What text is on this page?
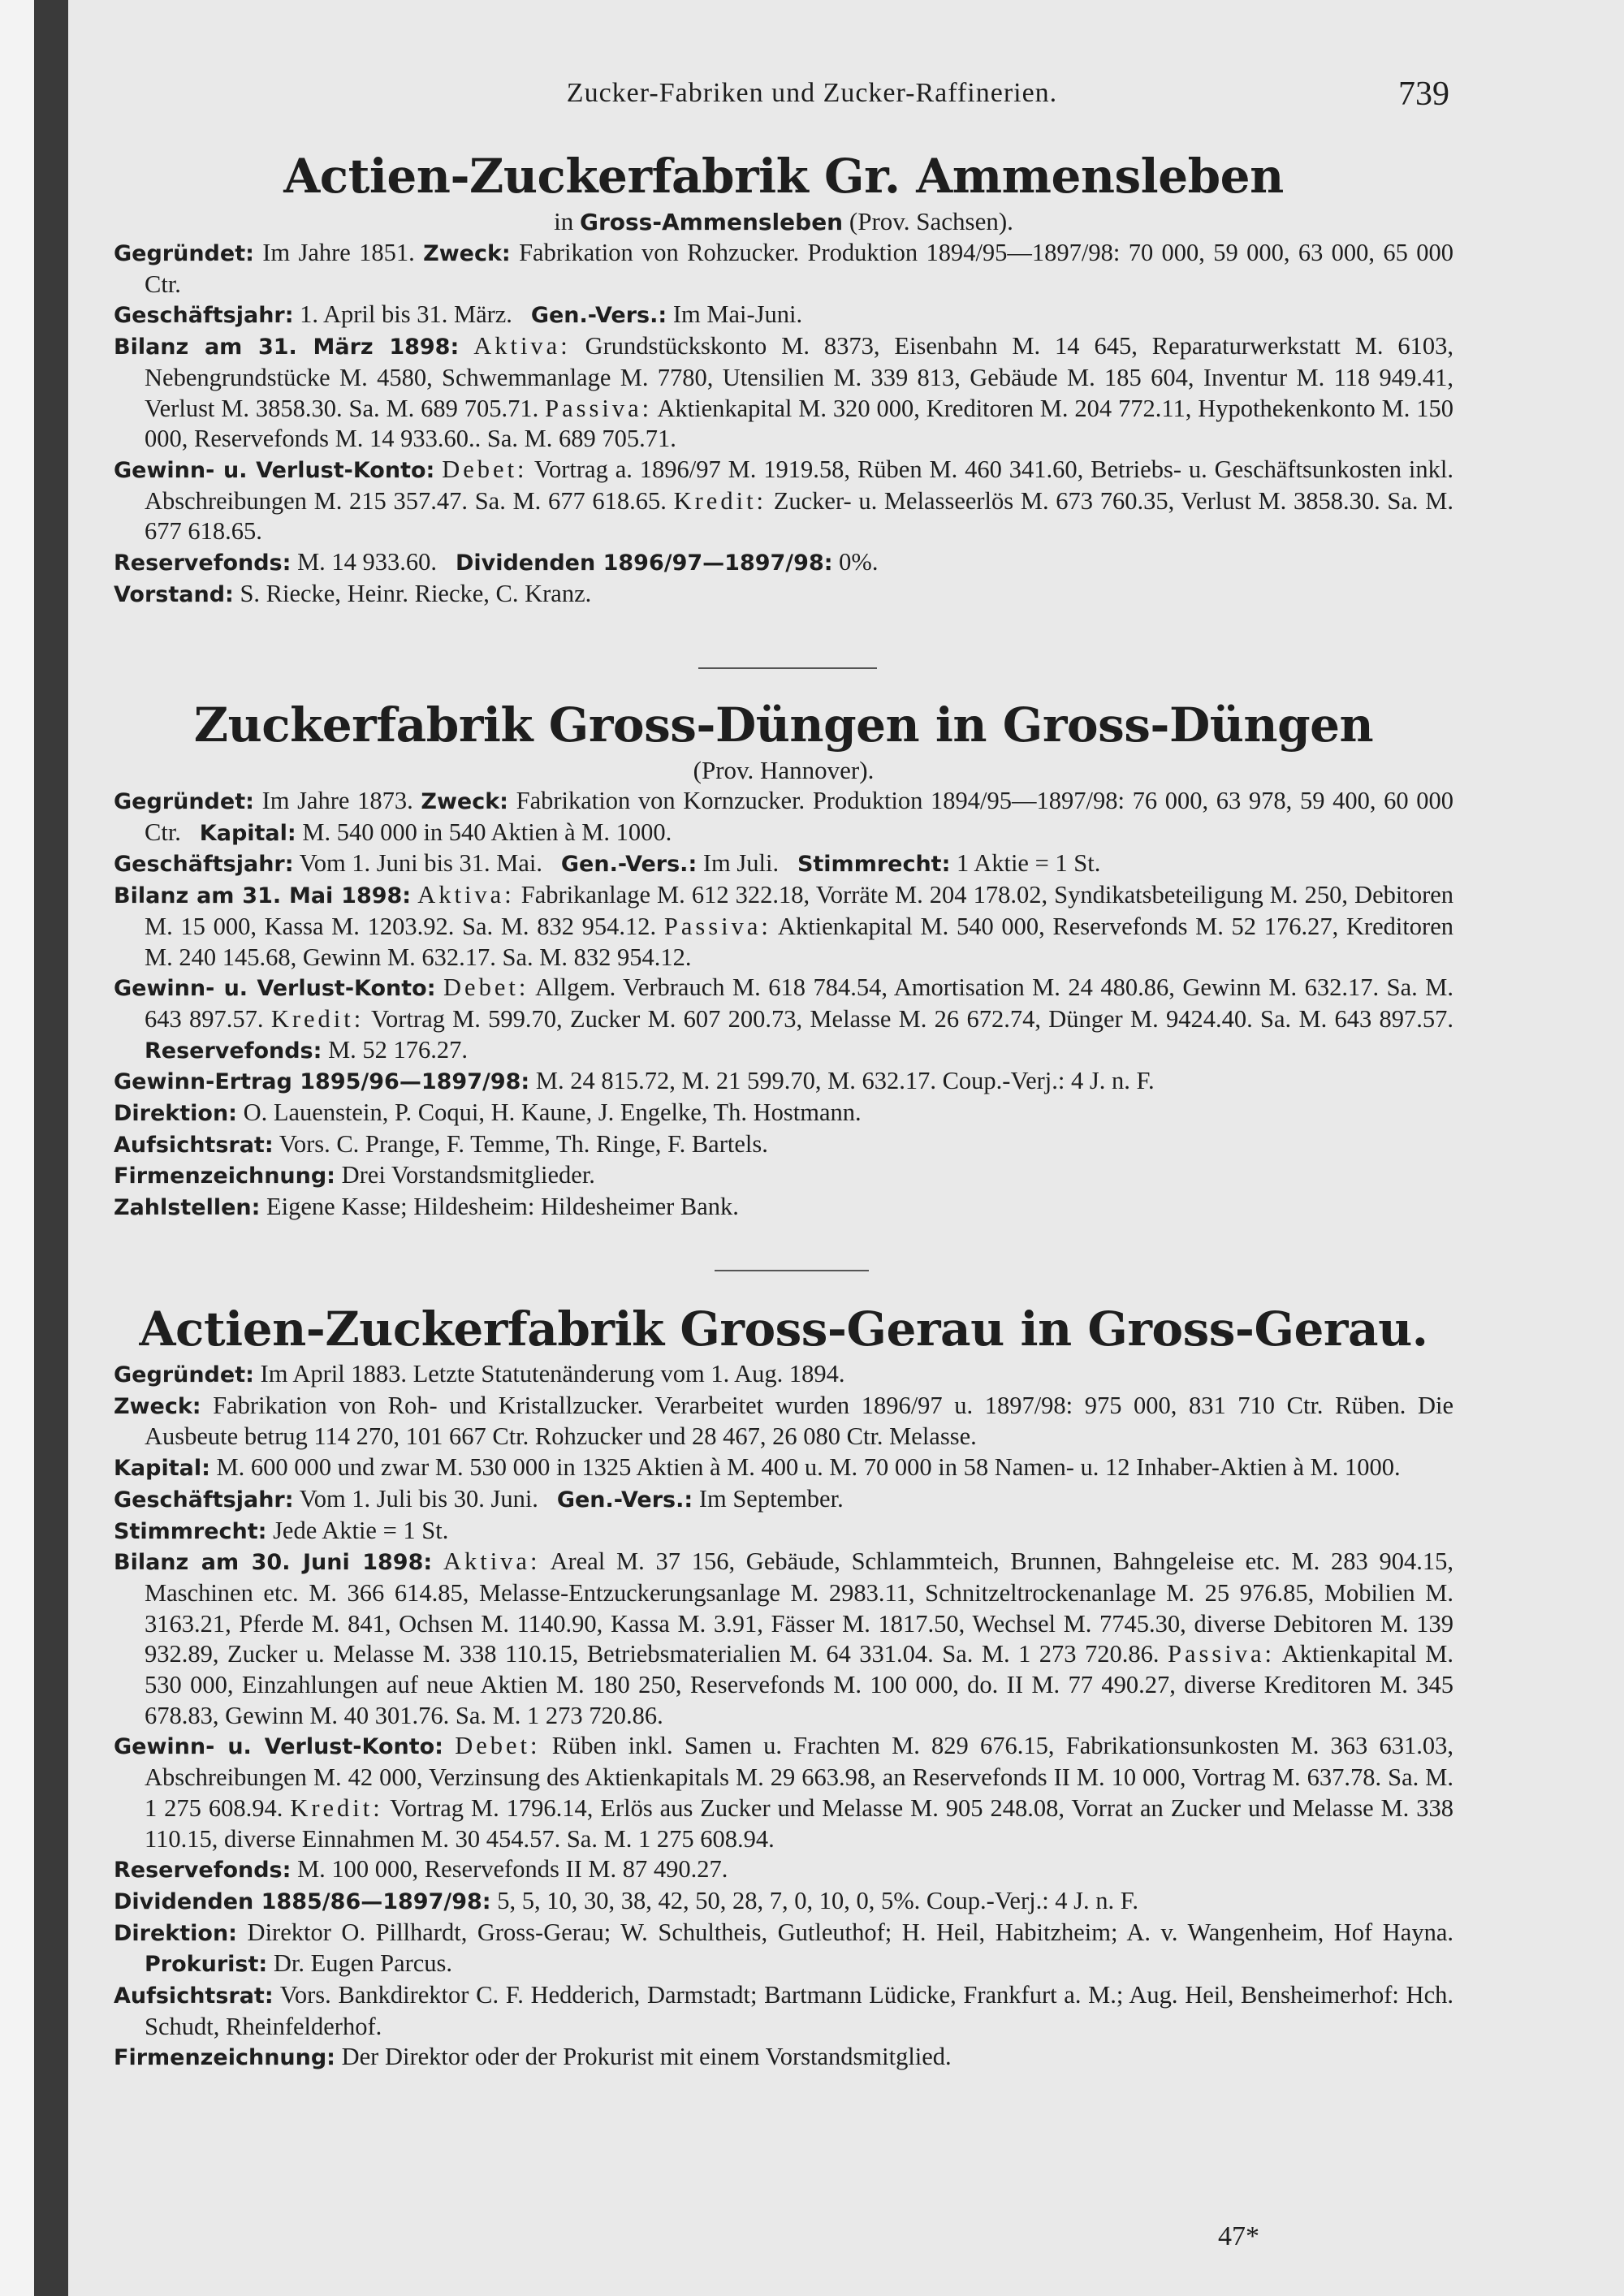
Zucker-Fabriken und Zucker-Raffinerien.	739
Actien-Zuckerfabrik Gr. Ammensleben
in Gross-Ammensleben (Prov. Sachsen).
Gegründet: Im Jahre 1851. Zweck: Fabrikation von Rohzucker. Produktion 1894/95—1897/98: 70 000, 59 000, 63 000, 65 000 Ctr.
Geschäftsjahr: 1. April bis 31. März. Gen.-Vers.: Im Mai-Juni.
Bilanz am 31. März 1898: Aktiva: Grundstückskonto M. 8373, Eisenbahn M. 14 645, Reparaturwerkstatt M. 6103, Nebengrundstücke M. 4580, Schwemmanlage M. 7780, Utensilien M. 339 813, Gebäude M. 185 604, Inventur M. 118 949.41, Verlust M. 3858.30. Sa. M. 689 705.71. Passiva: Aktienkapital M. 320 000, Kreditoren M. 204 772.11, Hypothekenkonto M. 150 000, Reservefonds M. 14 933.60.. Sa. M. 689 705.71.
Gewinn- u. Verlust-Konto: Debet: Vortrag a. 1896/97 M. 1919.58, Rüben M. 460 341.60, Betriebs- u. Geschäftsunkosten inkl. Abschreibungen M. 215 357.47. Sa. M. 677 618.65. Kredit: Zucker- u. Melasseerlös M. 673 760.35, Verlust M. 3858.30. Sa. M. 677 618.65.
Reservefonds: M. 14 933.60. Dividenden 1896/97—1897/98: 0%.
Vorstand: S. Riecke, Heinr. Riecke, C. Kranz.
Zuckerfabrik Gross-Düngen in Gross-Düngen
(Prov. Hannover).
Gegründet: Im Jahre 1873. Zweck: Fabrikation von Kornzucker. Produktion 1894/95—1897/98: 76 000, 63 978, 59 400, 60 000 Ctr. Kapital: M. 540 000 in 540 Aktien à M. 1000.
Geschäftsjahr: Vom 1. Juni bis 31. Mai. Gen.-Vers.: Im Juli. Stimmrecht: 1 Aktie = 1 St.
Bilanz am 31. Mai 1898: Aktiva: Fabrikanlage M. 612 322.18, Vorräte M. 204 178.02, Syndikatsbeteiligung M. 250, Debitoren M. 15 000, Kassa M. 1203.92. Sa. M. 832 954.12. Passiva: Aktienkapital M. 540 000, Reservefonds M. 52 176.27, Kreditoren M. 240 145.68, Gewinn M. 632.17. Sa. M. 832 954.12.
Gewinn- u. Verlust-Konto: Debet: Allgem. Verbrauch M. 618 784.54, Amortisation M. 24 480.86, Gewinn M. 632.17. Sa. M. 643 897.57. Kredit: Vortrag M. 599.70, Zucker M. 607 200.73, Melasse M. 26 672.74, Dünger M. 9424.40. Sa. M. 643 897.57. Reservefonds: M. 52 176.27.
Gewinn-Ertrag 1895/96—1897/98: M. 24 815.72, M. 21 599.70, M. 632.17. Coup.-Verj.: 4 J. n. F.
Direktion: O. Lauenstein, P. Coqui, H. Kaune, J. Engelke, Th. Hostmann.
Aufsichtsrat: Vors. C. Prange, F. Temme, Th. Ringe, F. Bartels.
Firmenzeichnung: Drei Vorstandsmitglieder.
Zahlstellen: Eigene Kasse; Hildesheim: Hildesheimer Bank.
Actien-Zuckerfabrik Gross-Gerau in Gross-Gerau.
Gegründet: Im April 1883. Letzte Statutenänderung vom 1. Aug. 1894.
Zweck: Fabrikation von Roh- und Kristallzucker. Verarbeitet wurden 1896/97 u. 1897/98: 975 000, 831 710 Ctr. Rüben. Die Ausbeute betrug 114 270, 101 667 Ctr. Rohzucker und 28 467, 26 080 Ctr. Melasse.
Kapital: M. 600 000 und zwar M. 530 000 in 1325 Aktien à M. 400 u. M. 70 000 in 58 Namen- u. 12 Inhaber-Aktien à M. 1000.
Geschäftsjahr: Vom 1. Juli bis 30. Juni. Gen.-Vers.: Im September.
Stimmrecht: Jede Aktie = 1 St.
Bilanz am 30. Juni 1898: Aktiva: Areal M. 37 156, Gebäude, Schlammteich, Brunnen, Bahngeleise etc. M. 283 904.15, Maschinen etc. M. 366 614.85, Melasse-Entzuckerungsanlage M. 2983.11, Schnitzeltrockenanlage M. 25 976.85, Mobilien M. 3163.21, Pferde M. 841, Ochsen M. 1140.90, Kassa M. 3.91, Fässer M. 1817.50, Wechsel M. 7745.30, diverse Debitoren M. 139 932.89, Zucker u. Melasse M. 338 110.15, Betriebsmaterialien M. 64 331.04. Sa. M. 1 273 720.86. Passiva: Aktienkapital M. 530 000, Einzahlungen auf neue Aktien M. 180 250, Reservefonds M. 100 000, do. II M. 77 490.27, diverse Kreditoren M. 345 678.83, Gewinn M. 40 301.76. Sa. M. 1 273 720.86.
Gewinn- u. Verlust-Konto: Debet: Rüben inkl. Samen u. Frachten M. 829 676.15, Fabrikationsunkosten M. 363 631.03, Abschreibungen M. 42 000, Verzinsung des Aktienkapitals M. 29 663.98, an Reservefonds II M. 10 000, Vortrag M. 637.78. Sa. M. 1 275 608.94. Kredit: Vortrag M. 1796.14, Erlös aus Zucker und Melasse M. 905 248.08, Vorrat an Zucker und Melasse M. 338 110.15, diverse Einnahmen M. 30 454.57. Sa. M. 1 275 608.94.
Reservefonds: M. 100 000, Reservefonds II M. 87 490.27.
Dividenden 1885/86—1897/98: 5, 5, 10, 30, 38, 42, 50, 28, 7, 0, 10, 0, 5%. Coup.-Verj.: 4 J. n. F.
Direktion: Direktor O. Pillhardt, Gross-Gerau; W. Schultheis, Gutleuthof; H. Heil, Habitzheim; A. v. Wangenheim, Hof Hayna. Prokurist: Dr. Eugen Parcus.
Aufsichtsrat: Vors. Bankdirektor C. F. Hedderich, Darmstadt; Bartmann Lüdicke, Frankfurt a. M.; Aug. Heil, Bensheimerhof: Hch. Schudt, Rheinfelderhof.
Firmenzeichnung: Der Direktor oder der Prokurist mit einem Vorstandsmitglied.
47*
